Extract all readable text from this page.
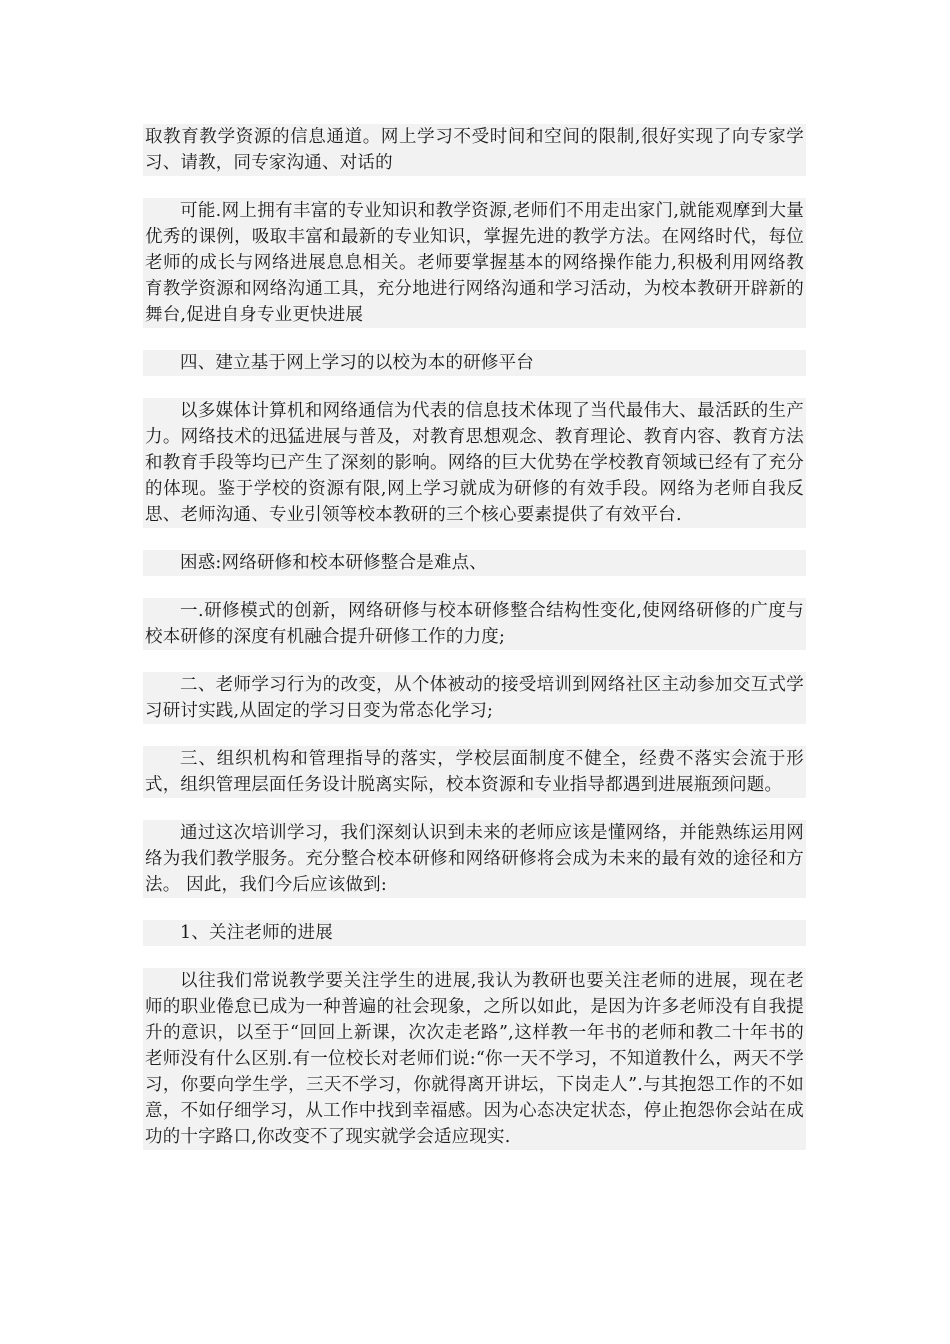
取教育教学资源的信息通道。网上学习不受时间和空间的限制,很好实现了向专家学习、请教，同专家沟通、对话的

可能.网上拥有丰富的专业知识和教学资源,老师们不用走出家门,就能观摩到大量优秀的课例，吸取丰富和最新的专业知识，掌握先进的教学方法。在网络时代，每位老师的成长与网络进展息息相关。老师要掌握基本的网络操作能力,积极利用网络教育教学资源和网络沟通工具，充分地进行网络沟通和学习活动，为校本教研开辟新的舞台,促进自身专业更快进展

四、建立基于网上学习的以校为本的研修平台

以多媒体计算机和网络通信为代表的信息技术体现了当代最伟大、最活跃的生产力。网络技术的迅猛进展与普及，对教育思想观念、教育理论、教育内容、教育方法和教育手段等均已产生了深刻的影响。网络的巨大优势在学校教育领域已经有了充分的体现。鉴于学校的资源有限,网上学习就成为研修的有效手段。网络为老师自我反思、老师沟通、专业引领等校本教研的三个核心要素提供了有效平台.

困惑:网络研修和校本研修整合是难点、

一.研修模式的创新，网络研修与校本研修整合结构性变化,使网络研修的广度与校本研修的深度有机融合提升研修工作的力度;

二、老师学习行为的改变，从个体被动的接受培训到网络社区主动参加交互式学习研讨实践,从固定的学习日变为常态化学习;

三、组织机构和管理指导的落实，学校层面制度不健全，经费不落实会流于形式，组织管理层面任务设计脱离实际，校本资源和专业指导都遇到进展瓶颈问题。

通过这次培训学习，我们深刻认识到未来的老师应该是懂网络，并能熟练运用网络为我们教学服务。充分整合校本研修和网络研修将会成为未来的最有效的途径和方法。 因此，我们今后应该做到:

1、关注老师的进展

以往我们常说教学要关注学生的进展,我认为教研也要关注老师的进展，现在老师的职业倦怠已成为一种普遍的社会现象，之所以如此，是因为许多老师没有自我提升的意识，以至于“回回上新课，次次走老路”,这样教一年书的老师和教二十年书的老师没有什么区别.有一位校长对老师们说:“你一天不学习，不知道教什么，两天不学习，你要向学生学，三天不学习，你就得离开讲坛，下岗走人”.与其抱怨工作的不如意，不如仔细学习，从工作中找到幸福感。因为心态决定状态，停止抱怨你会站在成功的十字路口,你改变不了现实就学会适应现实.
